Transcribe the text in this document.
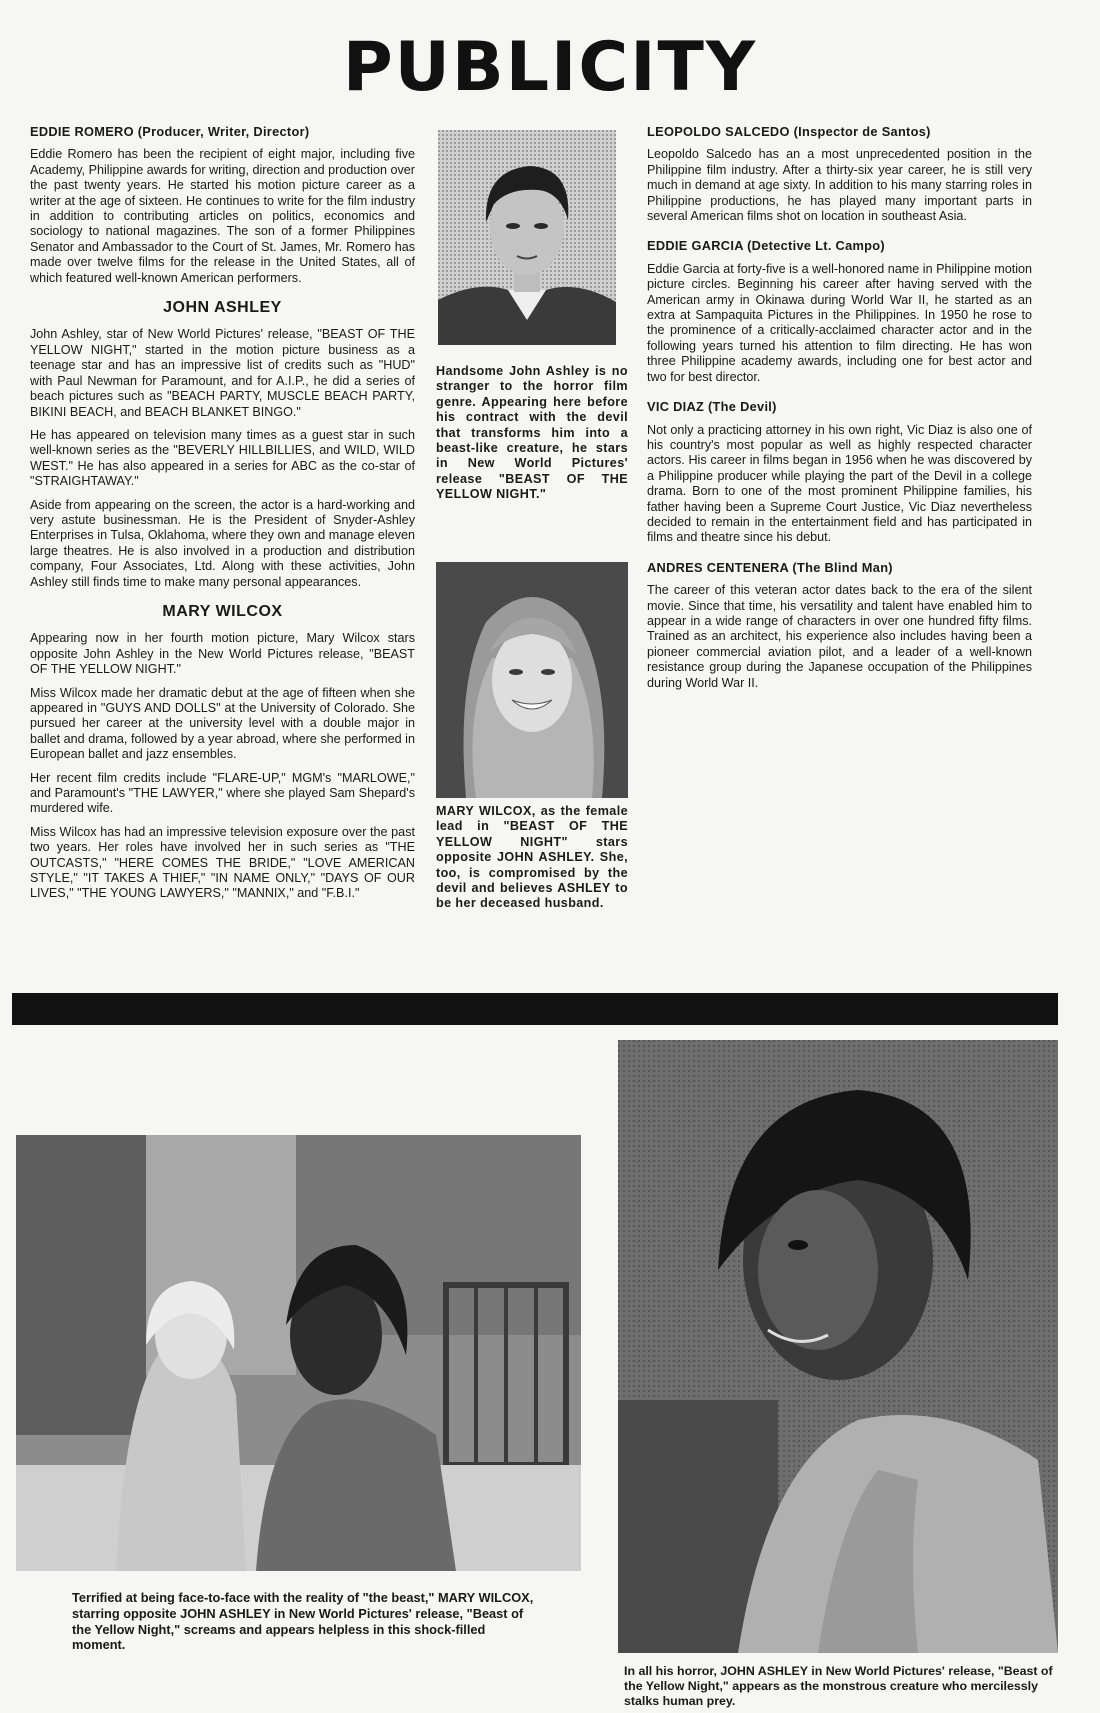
PUBLICITY

EDDIE ROMERO (Producer, Writer, Director)

Eddie Romero has been the recipient of eight major, including five Academy, Philippine awards for writing, direction and production over the past twenty years. He started his motion picture career as a writer at the age of sixteen. He continues to write for the film industry in addition to contributing articles on politics, economics and sociology to national magazines. The son of a former Philippines Senator and Ambassador to the Court of St. James, Mr. Romero has made over twelve films for the release in the United States, all of which featured well-known American performers.

JOHN ASHLEY

John Ashley, star of New World Pictures' release, "BEAST OF THE YELLOW NIGHT," started in the motion picture business as a teenage star and has an impressive list of credits such as "HUD" with Paul Newman for Paramount, and for A.I.P., he did a series of beach pictures such as "BEACH PARTY, MUSCLE BEACH PARTY, BIKINI BEACH, and BEACH BLANKET BINGO."

He has appeared on television many times as a guest star in such well-known series as the "BEVERLY HILLBILLIES, and WILD, WILD WEST." He has also appeared in a series for ABC as the co-star of "STRAIGHTAWAY."

Aside from appearing on the screen, the actor is a hard-working and very astute businessman. He is the President of Snyder-Ashley Enterprises in Tulsa, Oklahoma, where they own and manage eleven large theatres. He is also involved in a production and distribution company, Four Associates, Ltd. Along with these activities, John Ashley still finds time to make many personal appearances.

MARY WILCOX

Appearing now in her fourth motion picture, Mary Wilcox stars opposite John Ashley in the New World Pictures release, "BEAST OF THE YELLOW NIGHT."

Miss Wilcox made her dramatic debut at the age of fifteen when she appeared in "GUYS AND DOLLS" at the University of Colorado. She pursued her career at the university level with a double major in ballet and drama, followed by a year abroad, where she performed in European ballet and jazz ensembles.

Her recent film credits include "FLARE-UP," MGM's "MARLOWE," and Paramount's "THE LAWYER," where she played Sam Shepard's murdered wife.

Miss Wilcox has had an impressive television exposure over the past two years. Her roles have involved her in such series as "THE OUTCASTS," "HERE COMES THE BRIDE," "LOVE AMERICAN STYLE," "IT TAKES A THIEF," "IN NAME ONLY," "DAYS OF OUR LIVES," "THE YOUNG LAWYERS," "MANNIX," and "F.B.I."

Handsome John Ashley is no stranger to the horror film genre. Appearing here before his contract with the devil that transforms him into a beast-like creature, he stars in New World Pictures' release "BEAST OF THE YELLOW NIGHT."
MARY WILCOX, as the female lead in "BEAST OF THE YELLOW NIGHT" stars opposite JOHN ASHLEY. She, too, is compromised by the devil and believes ASHLEY to be her deceased husband.

LEOPOLDO SALCEDO (Inspector de Santos)

Leopoldo Salcedo has an a most unprecedented position in the Philippine film industry. After a thirty-six year career, he is still very much in demand at age sixty. In addition to his many starring roles in Philippine productions, he has played many important parts in several American films shot on location in southeast Asia.

EDDIE GARCIA (Detective Lt. Campo)

Eddie Garcia at forty-five is a well-honored name in Philippine motion picture circles. Beginning his career after having served with the American army in Okinawa during World War II, he started as an extra at Sampaquita Pictures in the Philippines. In 1950 he rose to the prominence of a critically-acclaimed character actor and in the following years turned his attention to film directing. He has won three Philippine academy awards, including one for best actor and two for best director.

VIC DIAZ (The Devil)

Not only a practicing attorney in his own right, Vic Diaz is also one of his country's most popular as well as highly respected character actors. His career in films began in 1956 when he was discovered by a Philippine producer while playing the part of the Devil in a college drama. Born to one of the most prominent Philippine families, his father having been a Supreme Court Justice, Vic Diaz nevertheless decided to remain in the entertainment field and has participated in films and theatre since his debut.

ANDRES CENTENERA (The Blind Man)

The career of this veteran actor dates back to the era of the silent movie. Since that time, his versatility and talent have enabled him to appear in a wide range of characters in over one hundred fifty films. Trained as an architect, his experience also includes having been a pioneer commercial aviation pilot, and a leader of a well-known resistance group during the Japanese occupation of the Philippines during World War II.

Terrified at being face-to-face with the reality of "the beast," MARY WILCOX, starring opposite JOHN ASHLEY in New World Pictures' release, "Beast of the Yellow Night," screams and appears helpless in this shock-filled moment.
In all his horror, JOHN ASHLEY in New World Pictures' release, "Beast of the Yellow Night," appears as the monstrous creature who mercilessly stalks human prey.
